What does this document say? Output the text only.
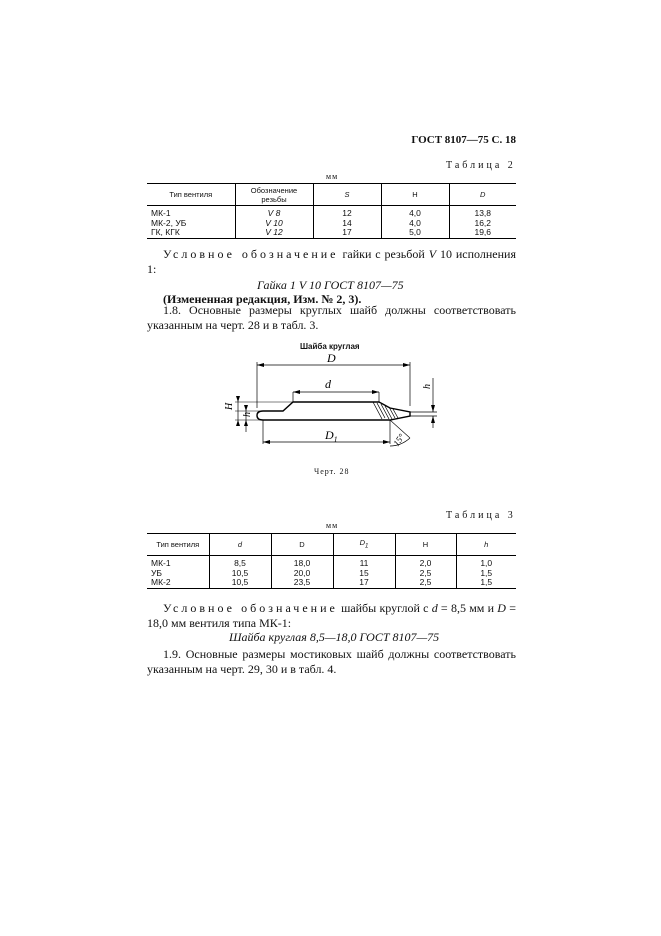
ГОСТ 8107—75 С. 18
Таблица 2
мм
Тип вентиля	Обозначение резьбы	S	H	D

МК-1	V 8	12	4,0	13,8
МК-2, УБ	V 10	14	4,0	16,2
ГК, КГК	V 12	17	5,0	19,6
Условное обозначение гайки с резьбой V 10 исполнения 1:
Гайка 1 V 10 ГОСТ 8107—75
(Измененная редакция, Изм. № 2, 3).
1.8. Основные размеры круглых шайб должны соответствовать указанным на черт. 28 и в табл. 3.
Шайба круглая
D
d	h
H
h
$D_1$	15°
Черт. 28
Таблица 3
мм
Тип вентиля	d	D	$D_1$	H	h

МК-1	8,5	18,0	11	2,0	1,0
УБ	10,5	20,0	15	2,5	1,5
МК-2	10,5	23,5	17	2,5	1,5
Условное обозначение шайбы круглой с d = 8,5 мм и D = 18,0 мм вентиля типа МК-1:
Шайба круглая 8,5—18,0 ГОСТ 8107—75
1.9. Основные размеры мостиковых шайб должны соответствовать указанным на черт. 29, 30 и в табл. 4.
